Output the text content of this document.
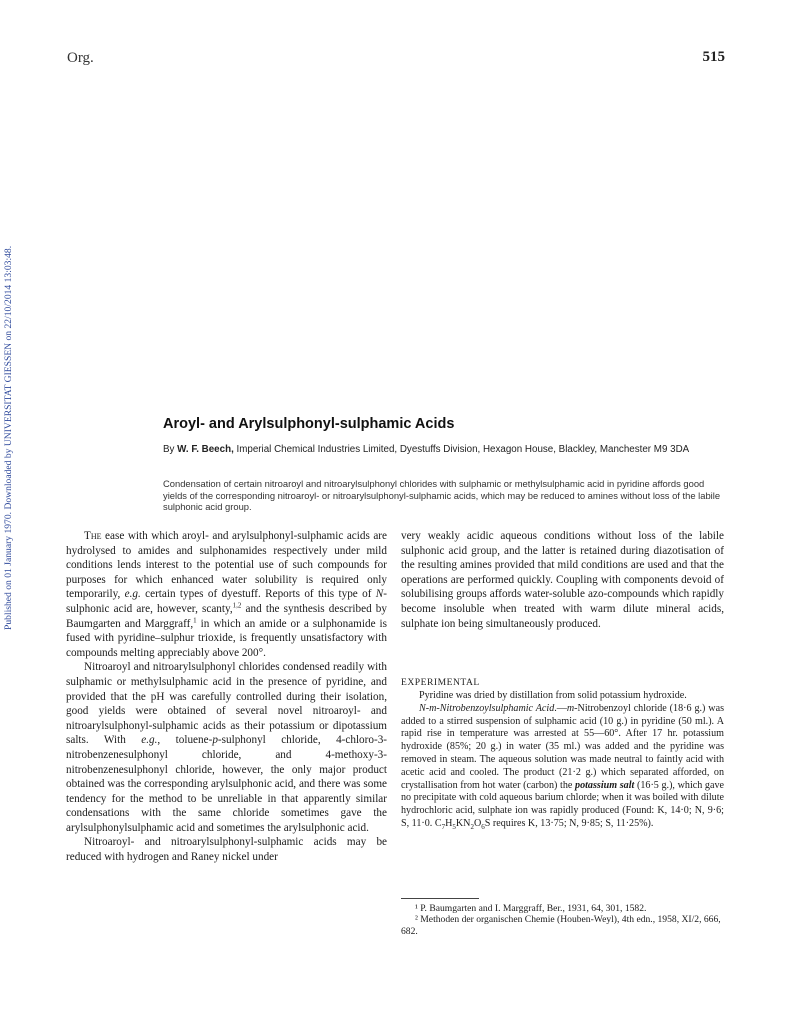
Published on 01 January 1970. Downloaded by UNIVERSITAT GIESSEN on 22/10/2014 13:03:48.
Org.	515
Aroyl- and Arylsulphonyl-sulphamic Acids
By W. F. Beech, Imperial Chemical Industries Limited, Dyestuffs Division, Hexagon House, Blackley, Manchester M9 3DA
Condensation of certain nitroaroyl and nitroarylsulphonyl chlorides with sulphamic or methylsulphamic acid in pyridine affords good yields of the corresponding nitroaroyl- or nitroarylsulphonyl-sulphamic acids, which may be reduced to amines without loss of the labile sulphonic acid group.

The ease with which aroyl- and arylsulphonyl-sulphamic acids are hydrolysed to amides and sulphonamides respectively under mild conditions lends interest to the potential use of such compounds for purposes for which enhanced water solubility is required only temporarily, e.g. certain types of dyestuff. Reports of this type of N-sulphonic acid are, however, scanty,$^{1,2}$ and the synthesis described by Baumgarten and Marggraff,$^1$ in which an amide or a sulphonamide is fused with pyridine–sulphur trioxide, is frequently unsatisfactory with compounds melting appreciably above 200°.

Nitroaroyl and nitroarylsulphonyl chlorides condensed readily with sulphamic or methylsulphamic acid in the presence of pyridine, and provided that the pH was carefully controlled during their isolation, good yields were obtained of several novel nitroaroyl- and nitroarylsulphonyl-sulphamic acids as their potassium or dipotassium salts. With e.g., toluene-p-sulphonyl chloride, 4-chloro-3-nitrobenzenesulphonyl chloride, and 4-methoxy-3-nitrobenzenesulphonyl chloride, however, the only major product obtained was the corresponding arylsulphonic acid, and there was some tendency for the method to be unreliable in that apparently similar condensations with the same chloride sometimes gave the arylsulphonylsulphamic acid and sometimes the arylsulphonic acid.

Nitroaroyl- and nitroarylsulphonyl-sulphamic acids may be reduced with hydrogen and Raney nickel under

very weakly acidic aqueous conditions without loss of the labile sulphonic acid group, and the latter is retained during diazotisation of the resulting amines provided that mild conditions are used and that the operations are performed quickly. Coupling with components devoid of solubilising groups affords water-soluble azo-compounds which rapidly become insoluble when treated with warm dilute mineral acids, sulphate ion being simultaneously produced.

EXPERIMENTAL

Pyridine was dried by distillation from solid potassium hydroxide.

N-m-Nitrobenzoylsulphamic Acid.—m-Nitrobenzoyl chloride (18·6 g.) was added to a stirred suspension of sulphamic acid (10 g.) in pyridine (50 ml.). A rapid rise in temperature was arrested at 55—60°. After 17 hr. potassium hydroxide (85%; 20 g.) in water (35 ml.) was added and the pyridine was removed in steam. The aqueous solution was made neutral to faintly acid with acetic acid and cooled. The product (21·2 g.) which separated afforded, on crystallisation from hot water (carbon) the potassium salt (16·5 g.), which gave no precipitate with cold aqueous barium chlorde; when it was boiled with dilute hydrochloric acid, sulphate ion was rapidly produced (Found: K, 14·0; N, 9·6; S, 11·0. $C_7H_5KN_2O_6S$ requires K, 13·75; N, 9·85; S, 11·25%).

¹ P. Baumgarten and I. Marggraff, Ber., 1931, 64, 301, 1582.
² Methoden der organischen Chemie (Houben-Weyl), 4th edn., 1958, XI/2, 666, 682.
